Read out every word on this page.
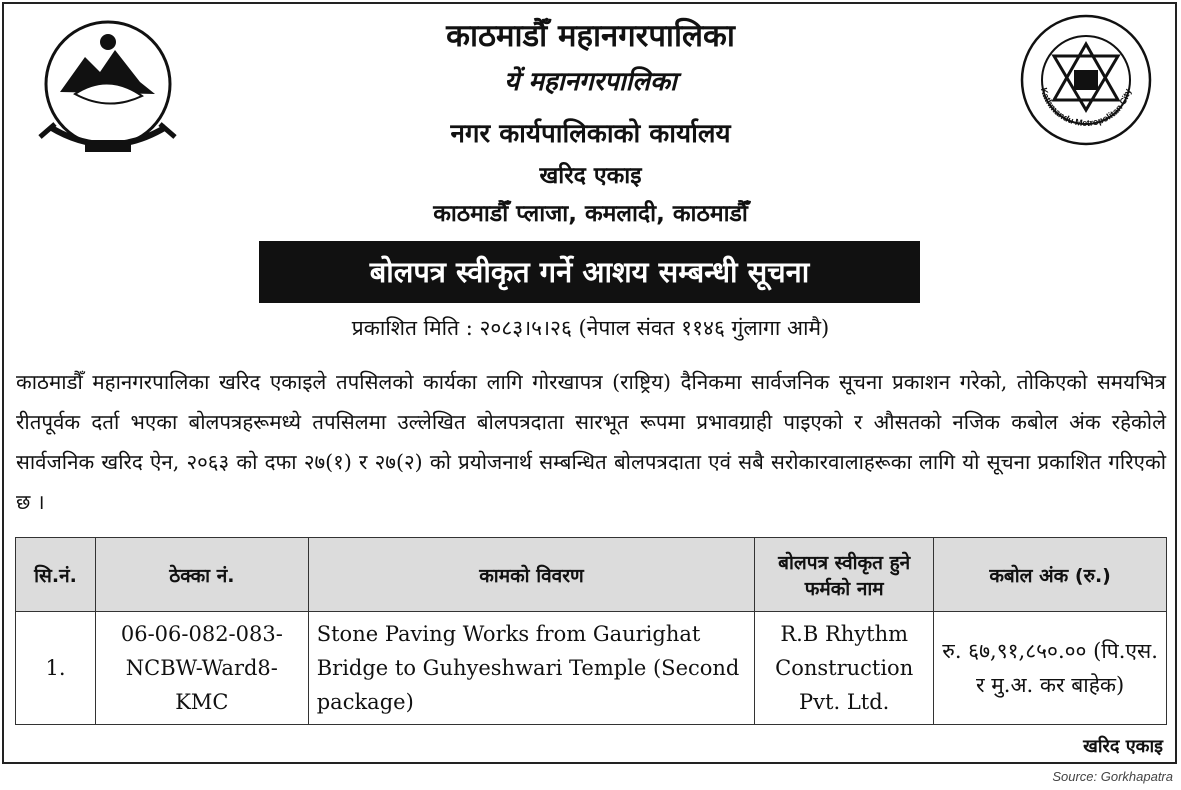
Kathmandu Metropolitan City
काठमाडौँ महानगरपालिका
यें महानगरपालिका
नगर कार्यपालिकाको कार्यालय
खरिद एकाइ
काठमाडौँ प्लाजा, कमलादी, काठमाडौँ
बोलपत्र स्वीकृत गर्ने आशय सम्बन्धी सूचना
प्रकाशित मिति : २०८३।५।२६ (नेपाल संवत ११४६ गुंलागा आमै)
काठमाडौँ महानगरपालिका खरिद एकाइले तपसिलको कार्यका लागि गोरखापत्र (राष्ट्रिय) दैनिकमा सार्वजनिक सूचना प्रकाशन गरेको, तोकिएको समयभित्र रीतपूर्वक दर्ता भएका बोलपत्रहरूमध्ये तपसिलमा उल्लेखित बोलपत्रदाता सारभूत रूपमा प्रभावग्राही पाइएको र औसतको नजिक कबोल अंक रहेकोले सार्वजनिक खरिद ऐन, २०६३ को दफा २७(१) र २७(२) को प्रयोजनार्थ सम्बन्धित बोलपत्रदाता एवं सबै सरोकारवालाहरूका लागि यो सूचना प्रकाशित गरिएको छ ।
सि.नं.	ठेक्का नं.	कामको विवरण	बोलपत्र स्वीकृत हुने फर्मको नाम	कबोल अंक (रु.)
1.	06-06-082-083-NCBW-Ward8-KMC	Stone Paving Works from Gaurighat Bridge to Guhyeshwari Temple (Second package)	R.B Rhythm Construction Pvt. Ltd.	रु. ६७,९१,८५०.०० (पि.एस. र मु.अ. कर बाहेक)
खरिद एकाइ
Source: Gorkhapatra
